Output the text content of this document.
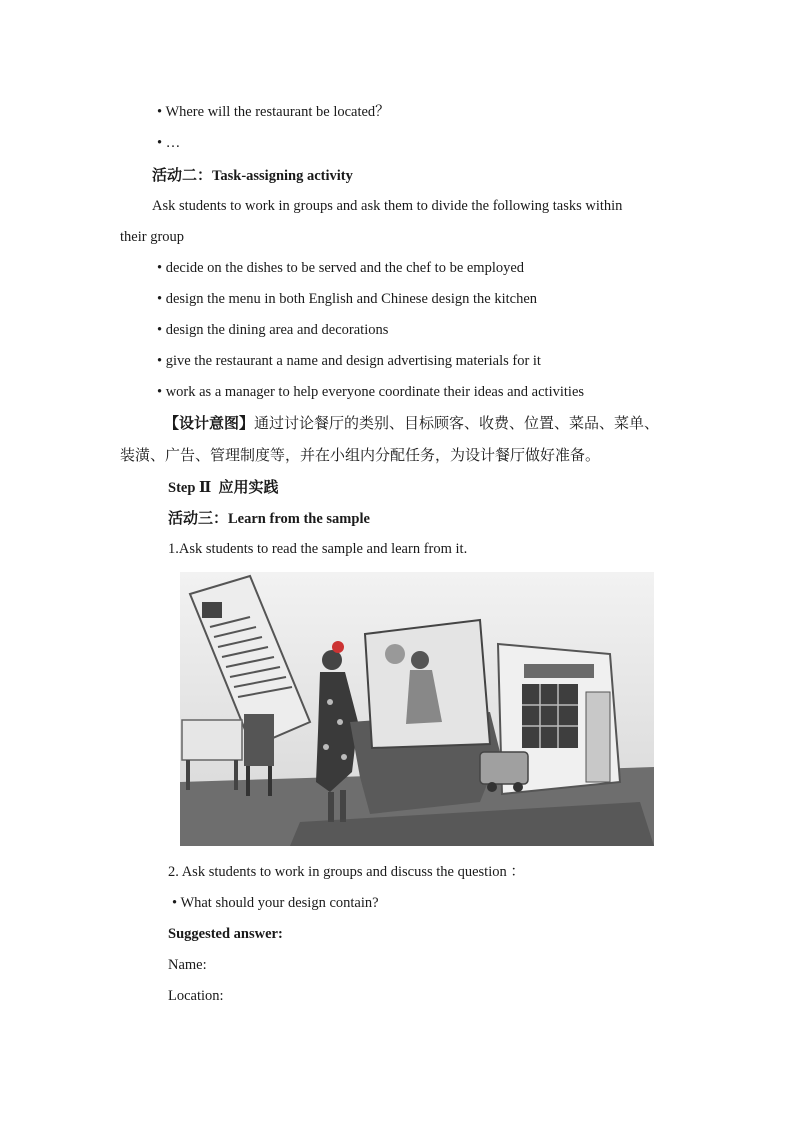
• Where will the restaurant be located？
• …
活动二：Task-assigning activity
Ask students to work in groups and ask them to divide the following tasks within
their group
• decide on the dishes to be served and the chef to be employed
• design the menu in both English and Chinese design the kitchen
• design the dining area and decorations
• give the restaurant a name and design advertising materials for it
• work as a manager to help everyone coordinate their ideas and activities
【设计意图】通过讨论餐厅的类别、目标顾客、收费、位置、菜品、菜单、
装潢、广告、管理制度等，并在小组内分配任务，为设计餐厅做好准备。
Step Ⅱ 应用实践
活动三：Learn from the sample
1.Ask students to read the sample and learn from it.
2. Ask students to work in groups and discuss the question ：
• What should your design contain?
Suggested answer:
Name:
Location:
